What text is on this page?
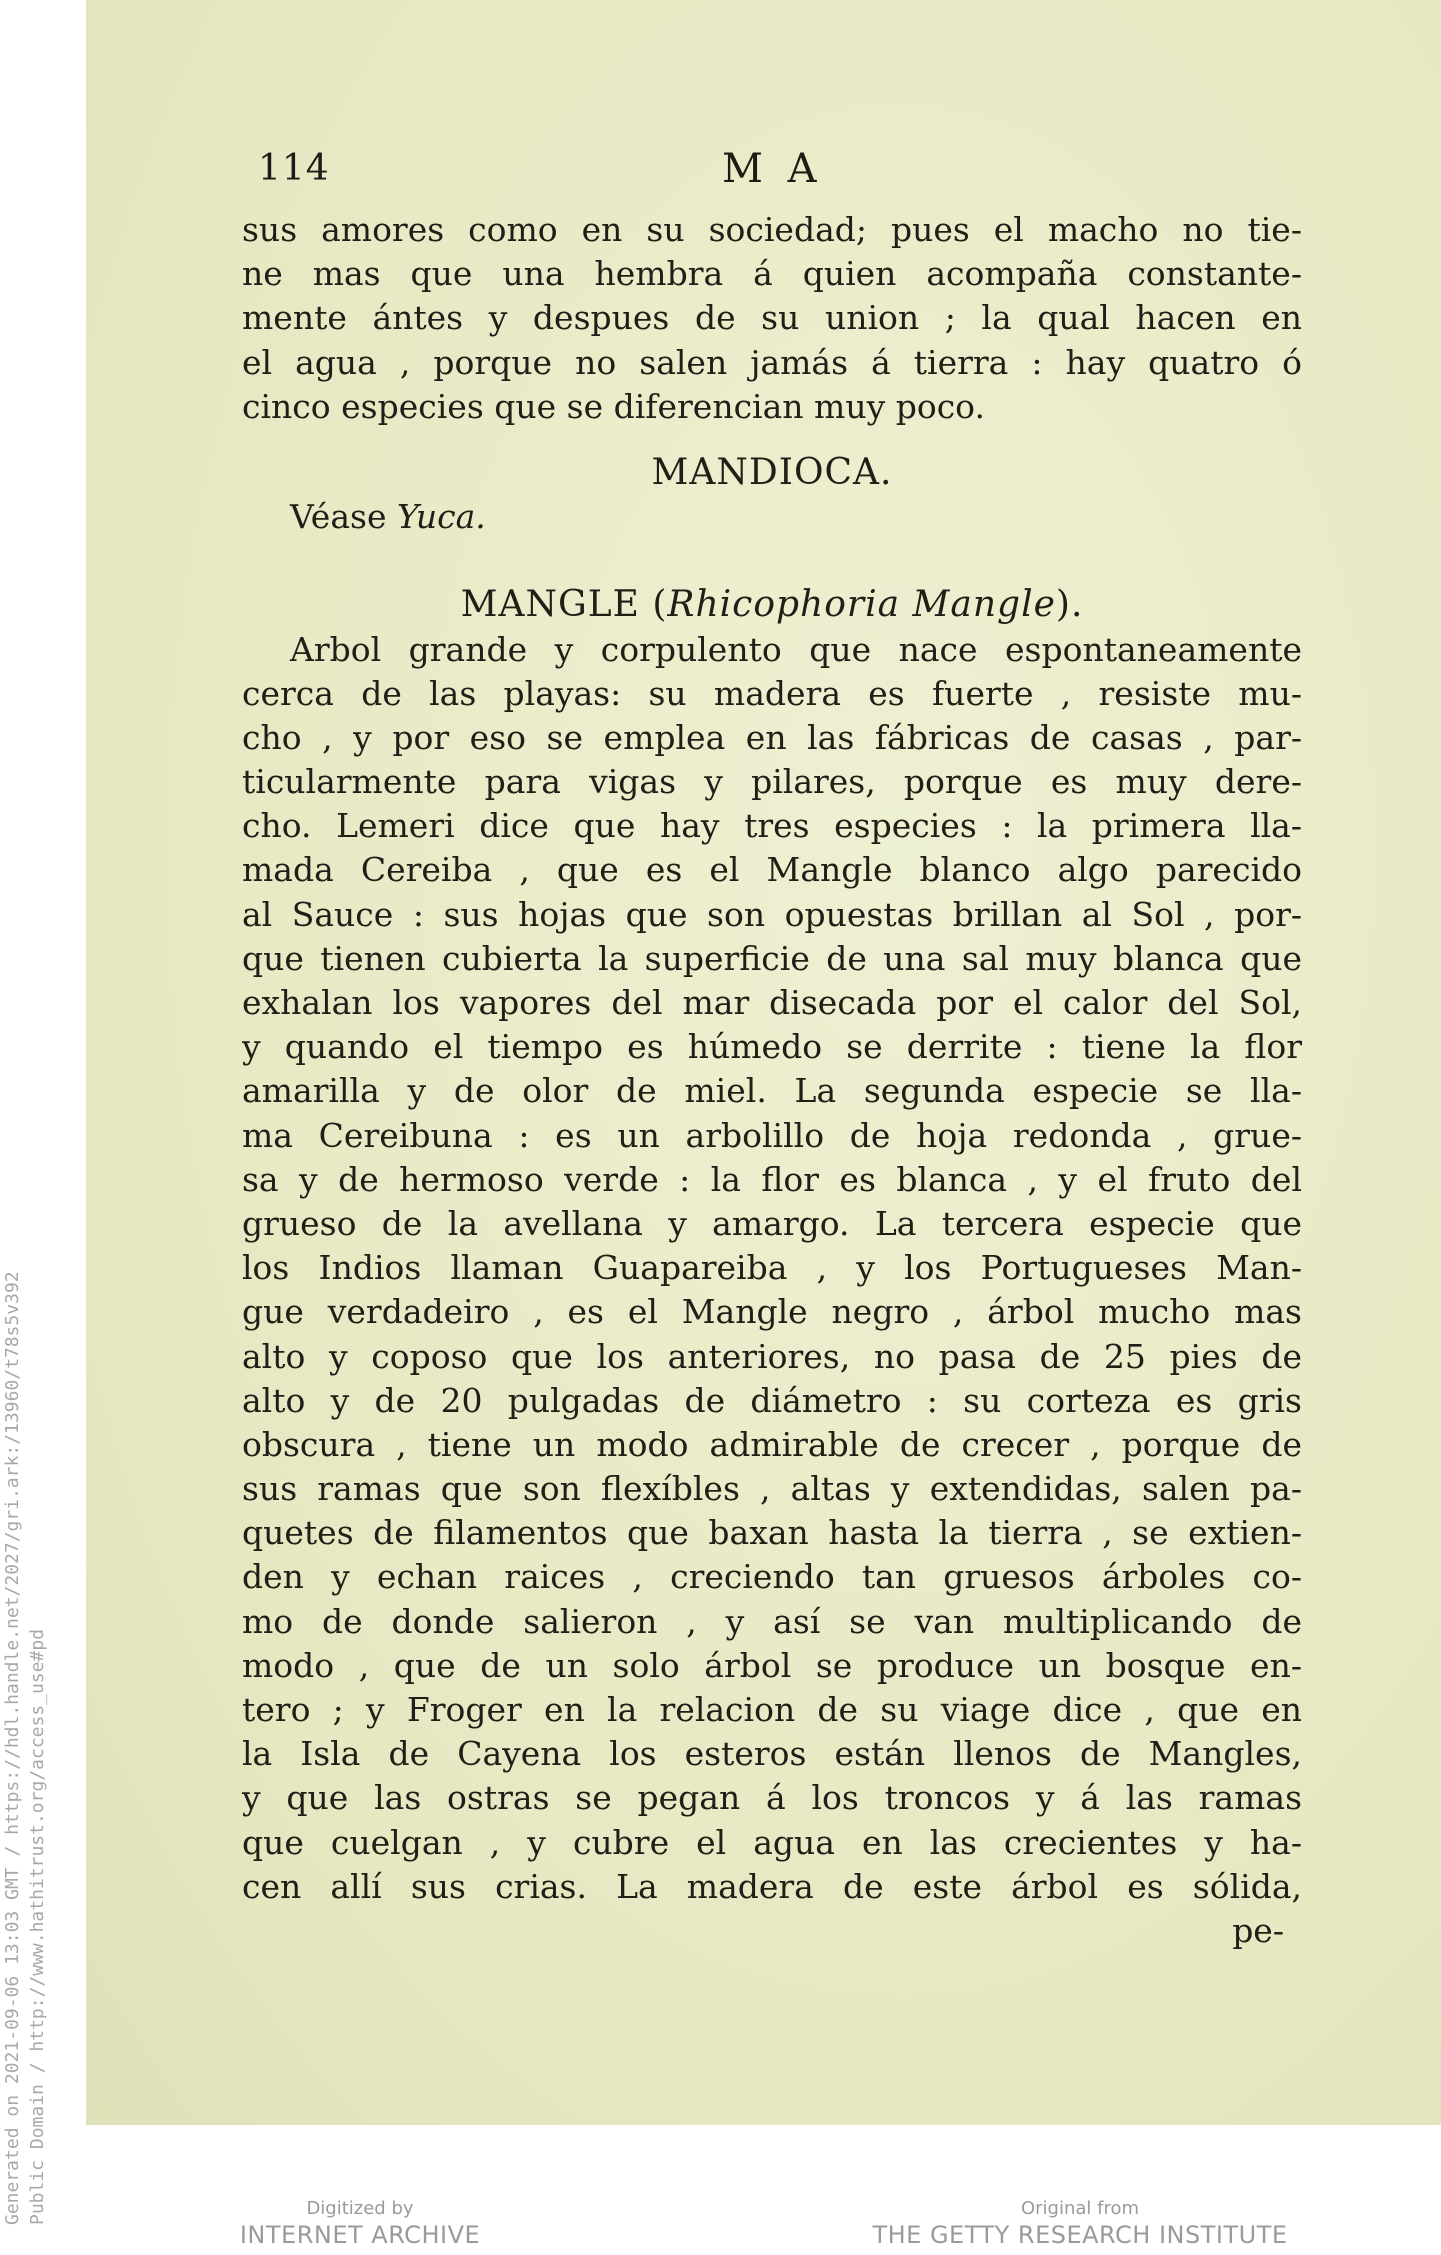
Generated on 2021-09-06 13:03 GMT / https://hdl.handle.net/2027/gri.ark:/13960/t78s5v392 Public Domain / http://www.hathitrust.org/access_use#pd
114	M A
sus amores como en su sociedad; pues el macho no tie-
ne mas que una hembra á quien acompaña constante-
mente ántes y despues de su union ; la qual hacen en
el agua , porque no salen jamás á tierra : hay quatro ó
cinco especies que se diferencian muy poco.
MANDIOCA.
Véase Yuca.
MANGLE (Rhicophoria Mangle).
Arbol grande y corpulento que nace espontaneamente
cerca de las playas: su madera es fuerte , resiste mu-
cho , y por eso se emplea en las fábricas de casas , par-
ticularmente para vigas y pilares, porque es muy dere-
cho. Lemeri dice que hay tres especies : la primera lla-
mada Cereiba , que es el Mangle blanco algo parecido
al Sauce : sus hojas que son opuestas brillan al Sol , por-
que tienen cubierta la superficie de una sal muy blanca que
exhalan los vapores del mar disecada por el calor del Sol,
y quando el tiempo es húmedo se derrite : tiene la flor
amarilla y de olor de miel. La segunda especie se lla-
ma Cereibuna : es un arbolillo de hoja redonda , grue-
sa y de hermoso verde : la flor es blanca , y el fruto del
grueso de la avellana y amargo. La tercera especie que
los Indios llaman Guapareiba , y los Portugueses Man-
gue verdadeiro , es el Mangle negro , árbol mucho mas
alto y coposo que los anteriores, no pasa de 25 pies de
alto y de 20 pulgadas de diámetro : su corteza es gris
obscura , tiene un modo admirable de crecer , porque de
sus ramas que son flexíbles , altas y extendidas, salen pa-
quetes de filamentos que baxan hasta la tierra , se extien-
den y echan raices , creciendo tan gruesos árboles co-
mo de donde salieron , y así se van multiplicando de
modo , que de un solo árbol se produce un bosque en-
tero ; y Froger en la relacion de su viage dice , que en
la Isla de Cayena los esteros están llenos de Mangles,
y que las ostras se pegan á los troncos y á las ramas
que cuelgan , y cubre el agua en las crecientes y ha-
cen allí sus crias. La madera de este árbol es sólida,
pe-
Digitized by
INTERNET ARCHIVE
Original from
THE GETTY RESEARCH INSTITUTE
